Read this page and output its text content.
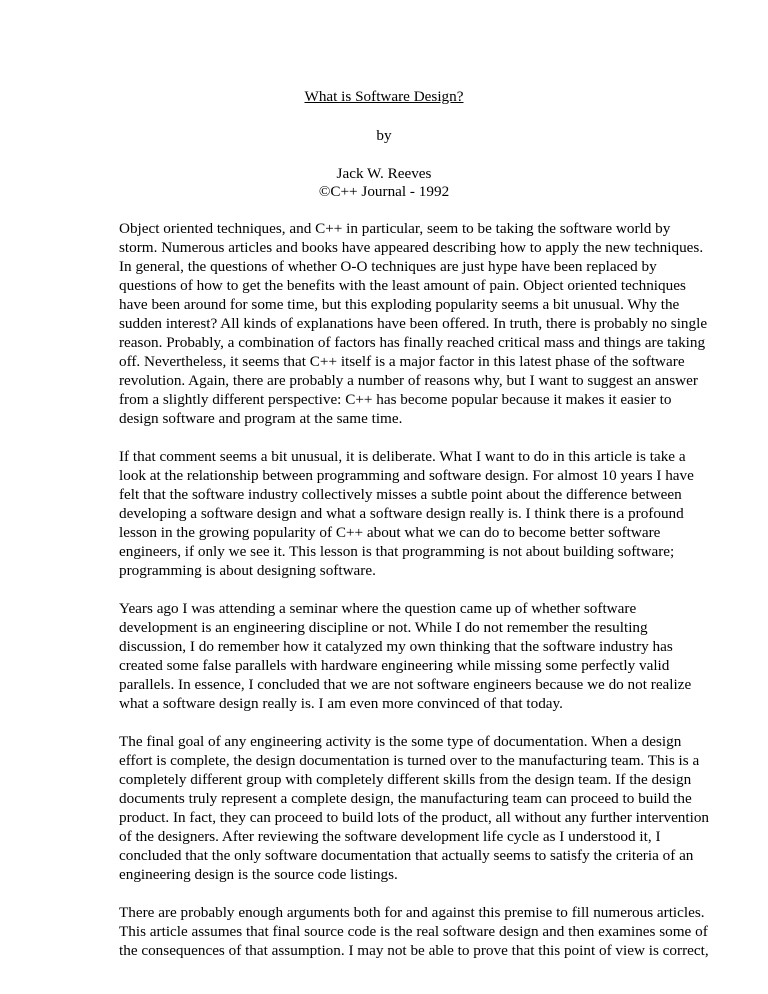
What is Software Design?
by
Jack W. Reeves
©C++ Journal - 1992
Object oriented techniques, and C++ in particular, seem to be taking the software world by
storm. Numerous articles and books have appeared describing how to apply the new techniques.
In general, the questions of whether O-O techniques are just hype have been replaced by
questions of how to get the benefits with the least amount of pain. Object oriented techniques
have been around for some time, but this exploding popularity seems a bit unusual. Why the
sudden interest? All kinds of explanations have been offered. In truth, there is probably no single
reason. Probably, a combination of factors has finally reached critical mass and things are taking
off. Nevertheless, it seems that C++ itself is a major factor in this latest phase of the software
revolution. Again, there are probably a number of reasons why, but I want to suggest an answer
from a slightly different perspective: C++ has become popular because it makes it easier to
design software and program at the same time.
If that comment seems a bit unusual, it is deliberate. What I want to do in this article is take a
look at the relationship between programming and software design. For almost 10 years I have
felt that the software industry collectively misses a subtle point about the difference between
developing a software design and what a software design really is. I think there is a profound
lesson in the growing popularity of C++ about what we can do to become better software
engineers, if only we see it. This lesson is that programming is not about building software;
programming is about designing software.
Years ago I was attending a seminar where the question came up of whether software
development is an engineering discipline or not. While I do not remember the resulting
discussion, I do remember how it catalyzed my own thinking that the software industry has
created some false parallels with hardware engineering while missing some perfectly valid
parallels. In essence, I concluded that we are not software engineers because we do not realize
what a software design really is. I am even more convinced of that today.
The final goal of any engineering activity is the some type of documentation. When a design
effort is complete, the design documentation is turned over to the manufacturing team. This is a
completely different group with completely different skills from the design team. If the design
documents truly represent a complete design, the manufacturing team can proceed to build the
product. In fact, they can proceed to build lots of the product, all without any further intervention
of the designers. After reviewing the software development life cycle as I understood it, I
concluded that the only software documentation that actually seems to satisfy the criteria of an
engineering design is the source code listings.
There are probably enough arguments both for and against this premise to fill numerous articles.
This article assumes that final source code is the real software design and then examines some of
the consequences of that assumption. I may not be able to prove that this point of view is correct,
